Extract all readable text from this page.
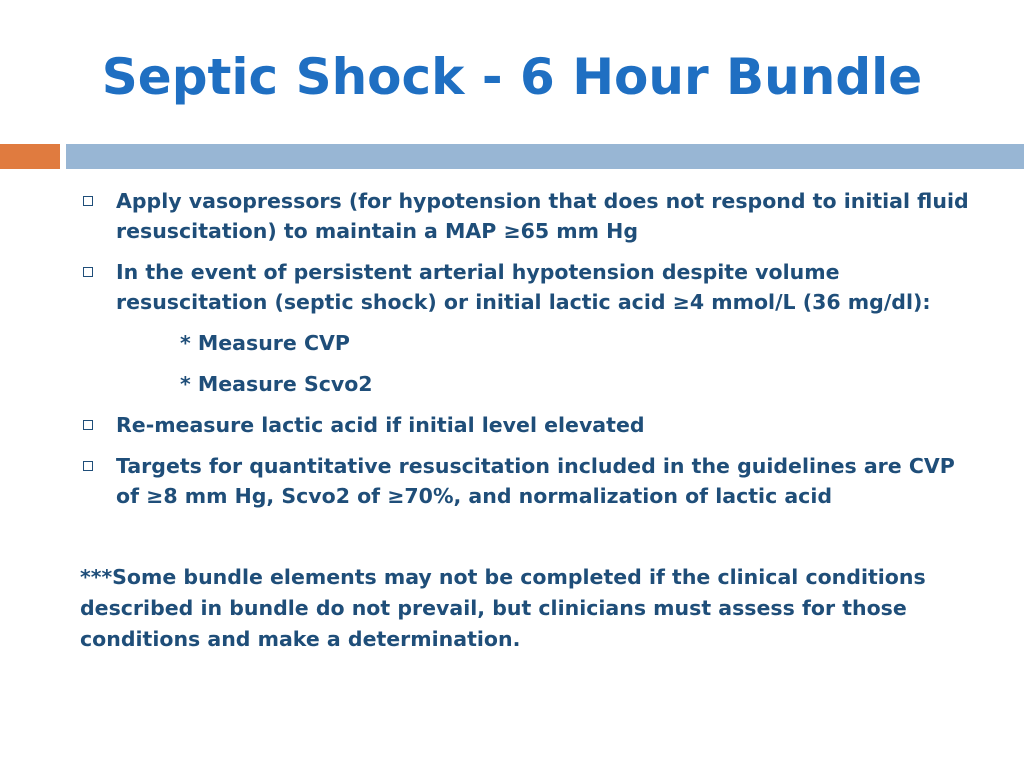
Septic Shock - 6 Hour Bundle
Apply vasopressors (for hypotension that does not respond to initial fluid resuscitation) to maintain a MAP ≥65 mm Hg
In the event of persistent arterial hypotension despite volume resuscitation (septic shock) or initial lactic acid ≥4 mmol/L (36 mg/dl):
* Measure CVP
* Measure Scvo2
Re-measure lactic acid if initial level elevated
Targets for quantitative resuscitation included in the guidelines are CVP of ≥8 mm Hg, Scvo2 of ≥70%, and normalization of lactic acid
***Some bundle elements may not be completed if the clinical conditions described in bundle do not prevail, but clinicians must assess for those conditions and make a determination.
